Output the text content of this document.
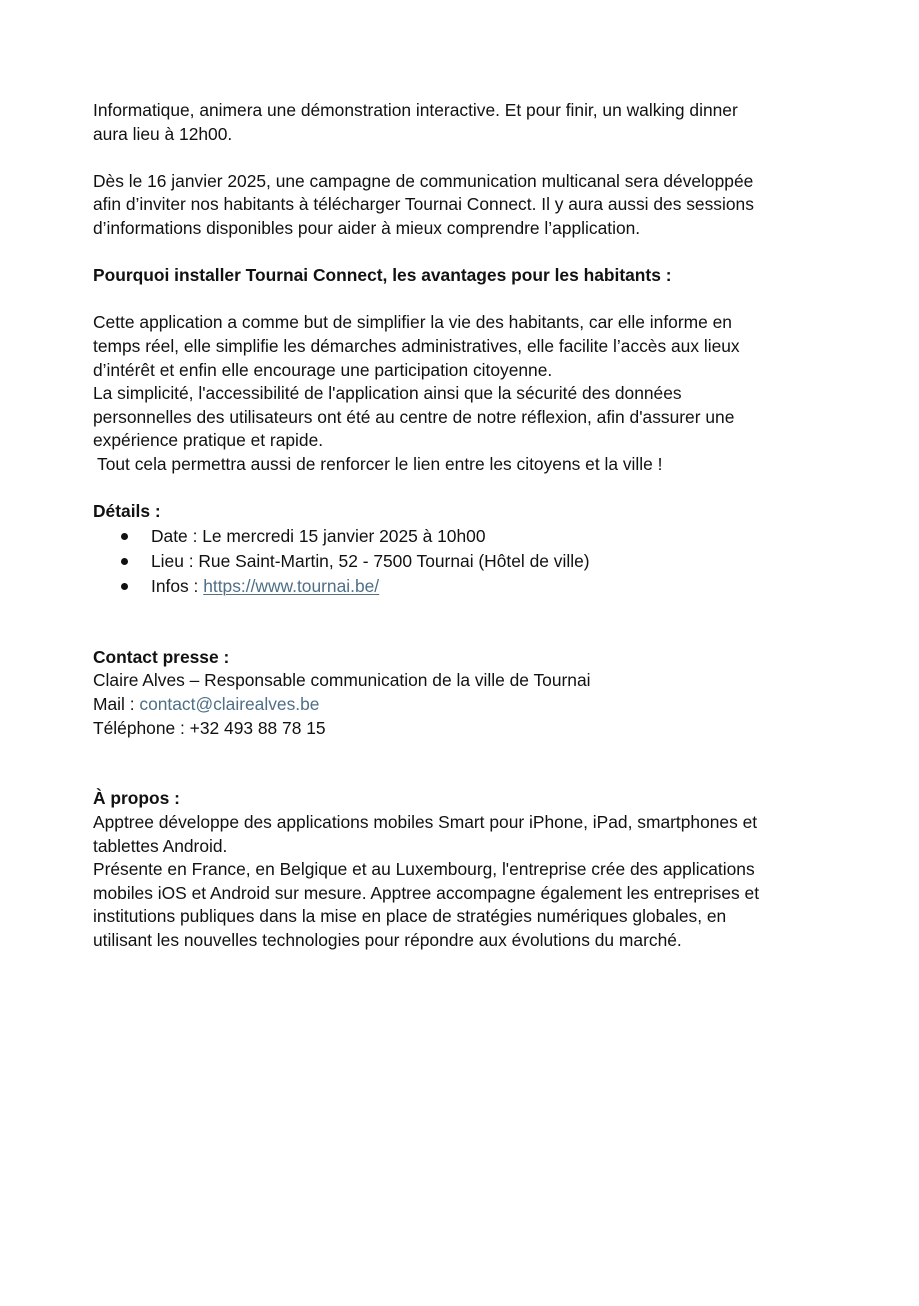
Informatique, animera une démonstration interactive. Et pour finir, un walking dinner

aura lieu à 12h00.

Dès le 16 janvier 2025, une campagne de communication multicanal sera développée

afin d’inviter nos habitants à télécharger Tournai Connect. Il y aura aussi des sessions

d’informations disponibles pour aider à mieux comprendre l’application.

Pourquoi installer Tournai Connect, les avantages pour les habitants :

Cette application a comme but de simplifier la vie des habitants, car elle informe en

temps réel, elle simplifie les démarches administratives, elle facilite l’accès aux lieux

d’intérêt et enfin elle encourage une participation citoyenne.

La simplicité, l'accessibilité de l'application ainsi que la sécurité des données

personnelles des utilisateurs ont été au centre de notre réflexion, afin d'assurer une

expérience pratique et rapide.

Tout cela permettra aussi de renforcer le lien entre les citoyens et la ville !

Détails :

Date : Le mercredi 15 janvier 2025 à 10h00
Lieu : Rue Saint-Martin, 52 - 7500 Tournai (Hôtel de ville)
Infos : https://www.tournai.be/

Contact presse :

Claire Alves – Responsable communication de la ville de Tournai

Mail : contact@clairealves.be

Téléphone : +32 493 88 78 15

À propos :

Apptree développe des applications mobiles Smart pour iPhone, iPad, smartphones et

tablettes Android.

Présente en France, en Belgique et au Luxembourg, l'entreprise crée des applications

mobiles iOS et Android sur mesure. Apptree accompagne également les entreprises et

institutions publiques dans la mise en place de stratégies numériques globales, en

utilisant les nouvelles technologies pour répondre aux évolutions du marché.
